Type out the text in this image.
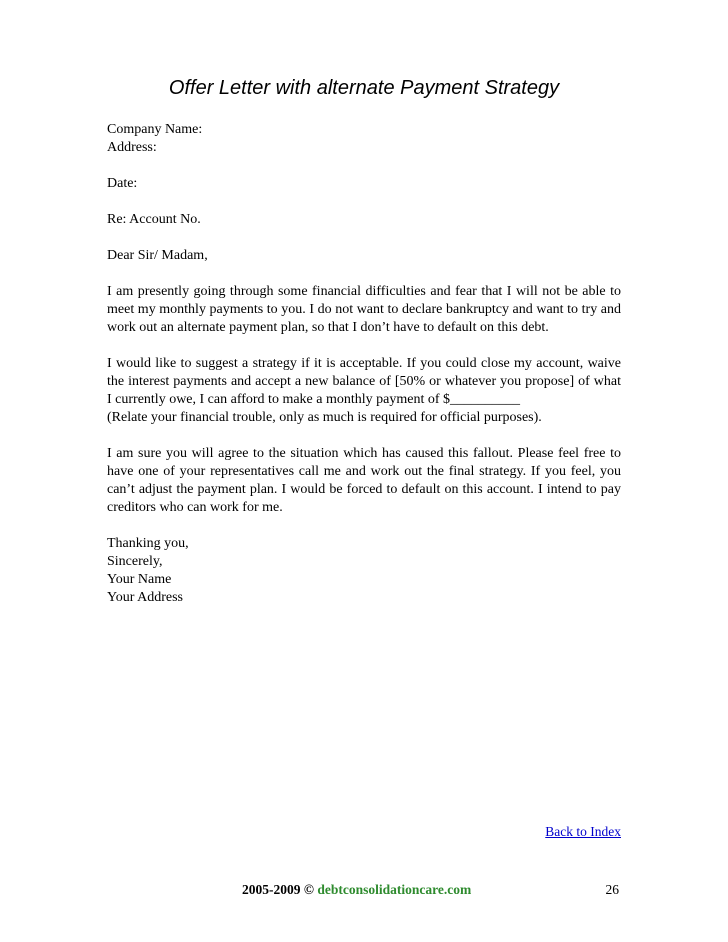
Offer Letter with alternate Payment Strategy

Company Name:
Address:

Date:

Re: Account No.

Dear Sir/ Madam,

I am presently going through some financial difficulties and fear that I will not be able to meet my monthly payments to you. I do not want to declare bankruptcy and want to try and work out an alternate payment plan, so that I don’t have to default on this debt.

I would like to suggest a strategy if it is acceptable. If you could close my account, waive the interest payments and accept a new balance of [50% or whatever you propose] of what I currently owe, I can afford to make a monthly payment of $__________
(Relate your financial trouble, only as much is required for official purposes).

I am sure you will agree to the situation which has caused this fallout. Please feel free to have one of your representatives call me and work out the final strategy. If you feel, you can’t adjust the payment plan. I would be forced to default on this account. I intend to pay creditors who can work for me.

Thanking you,
Sincerely,
Your Name
Your Address

Back to Index
2005-2009 © debtconsolidationcare.com	26
